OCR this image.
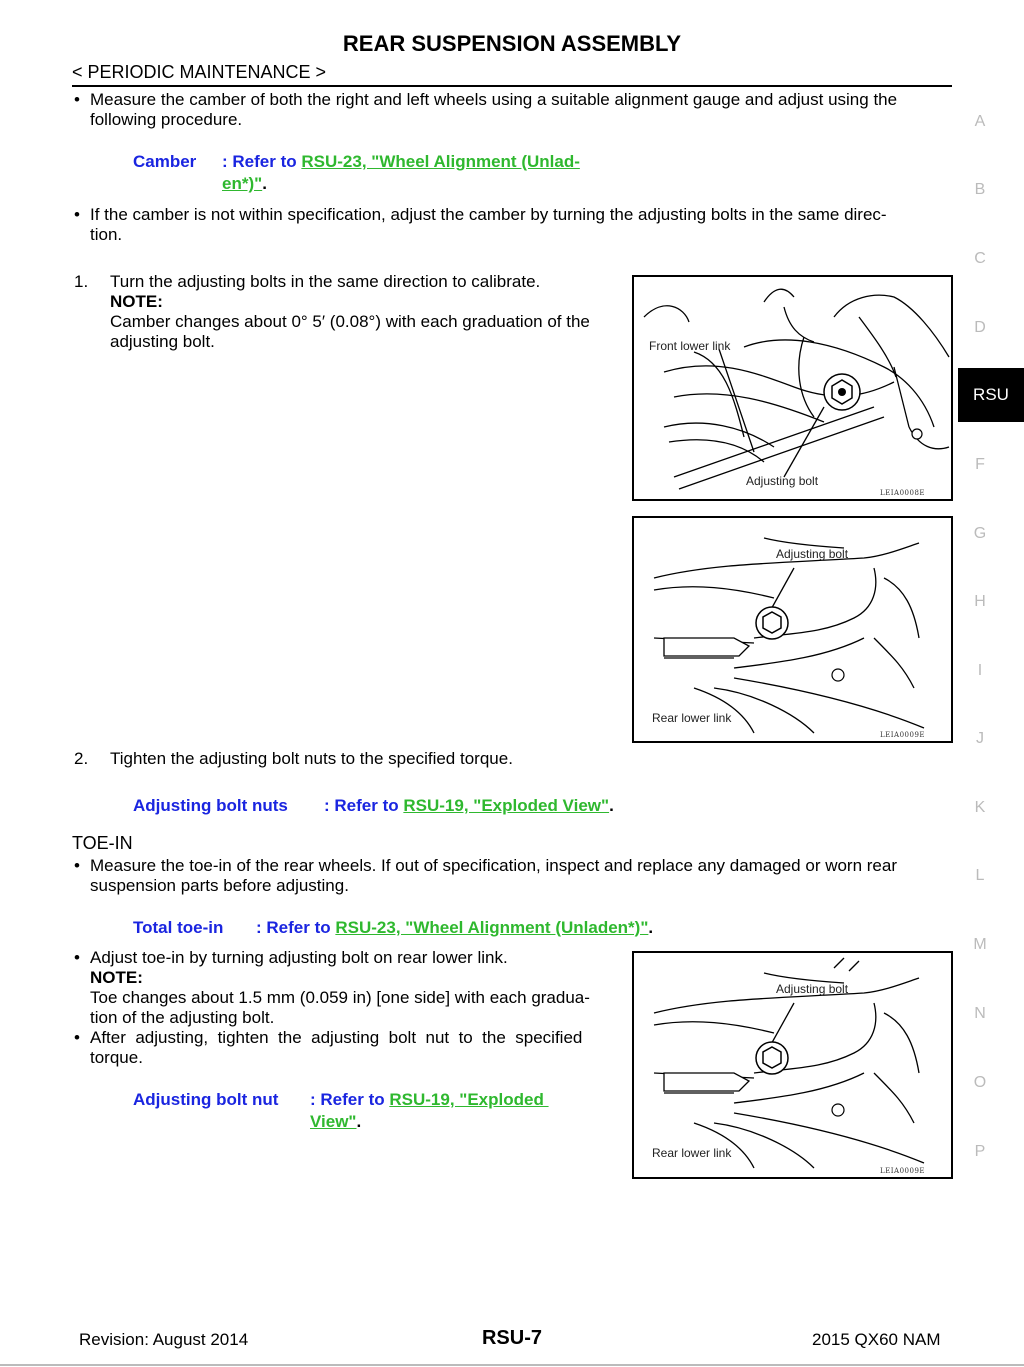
REAR SUSPENSION ASSEMBLY
< PERIODIC MAINTENANCE >
• Measure the camber of both the right and left wheels using a suitable alignment gauge and adjust using the
following procedure.
Camber : Refer to RSU-23, "Wheel Alignment (Unlad-
en*)".
• If the camber is not within specification, adjust the camber by turning the adjusting bolts in the same direc-
tion.
1. Turn the adjusting bolts in the same direction to calibrate.
NOTE:
Camber changes about 0° 5′ (0.08°) with each graduation of the
adjusting bolt.	Front lower link
Adjusting bolt
LEIA0008E
Adjusting bolt
Rear lower link
LEIA0009E
2. Tighten the adjusting bolt nuts to the specified torque.
Adjusting bolt nuts : Refer to RSU-19, "Exploded View".
TOE-IN
• Measure the toe-in of the rear wheels. If out of specification, inspect and replace any damaged or worn rear
suspension parts before adjusting.
Total toe-in : Refer to RSU-23, "Wheel Alignment (Unladen*)".
• Adjust toe-in by turning adjusting bolt on rear lower link.
NOTE:
Toe changes about 1.5 mm (0.059 in) [one side] with each gradua-
tion of the adjusting bolt.
• After  adjusting,  tighten  the  adjusting  bolt  nut  to  the  specified
torque.
Adjusting bolt nut : Refer to RSU-19, "Exploded
View".
Adjusting bolt
Rear lower link
LEIA0009E
A
B
C
D
RSU
F
G
H
I
J
K
L
M
N
O
P
Revision: August 2014	RSU-7	2015 QX60 NAM
